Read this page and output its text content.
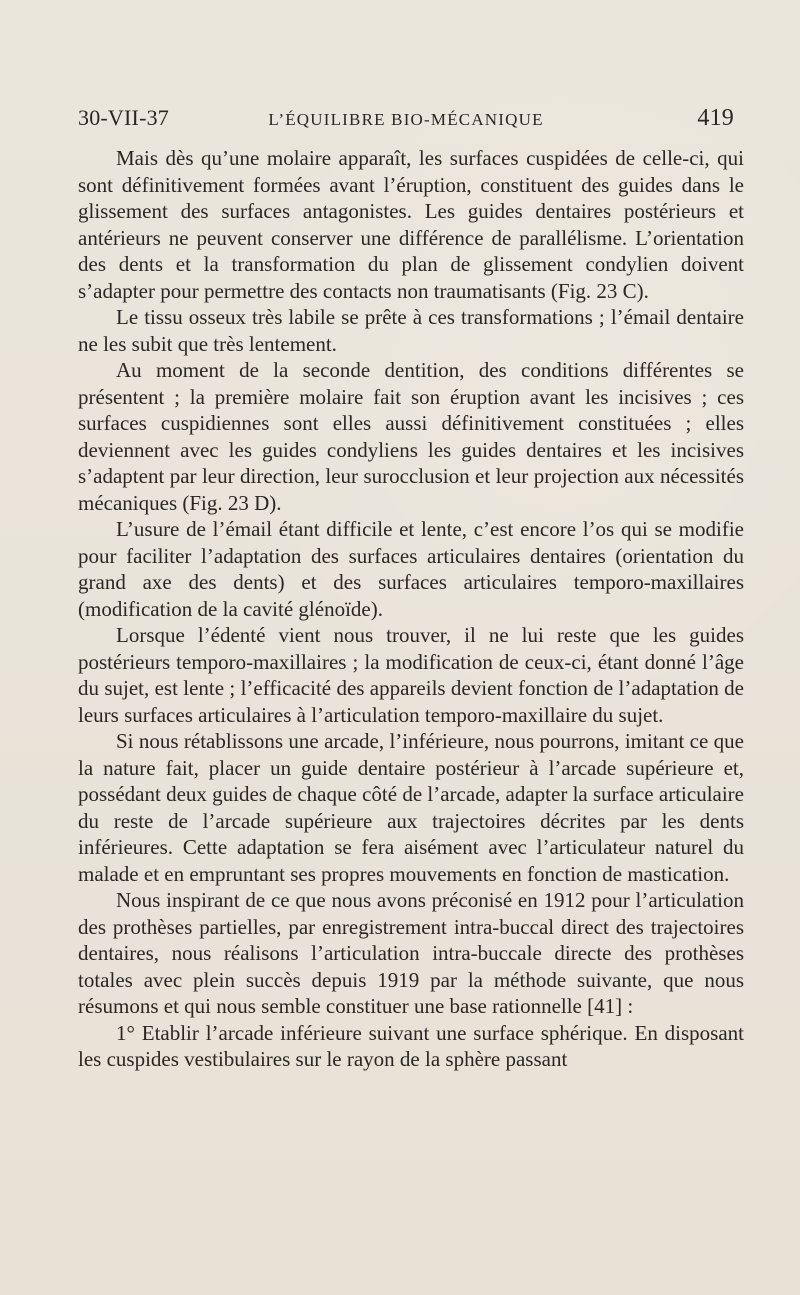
30-VII-37	L’ÉQUILIBRE BIO-MÉCANIQUE	419

Mais dès qu’une molaire apparaît, les surfaces cuspidées de celle-ci, qui sont définitivement formées avant l’éruption, constituent des guides dans le glissement des surfaces antagonistes. Les guides dentaires postérieurs et antérieurs ne peuvent conserver une différence de parallélisme. L’orientation des dents et la transformation du plan de glissement condylien doivent s’adapter pour permettre des contacts non traumatisants (Fig. 23 C).

Le tissu osseux très labile se prête à ces transformations ; l’émail dentaire ne les subit que très lentement.

Au moment de la seconde dentition, des conditions différentes se présentent ; la première molaire fait son éruption avant les incisives ; ces surfaces cuspidiennes sont elles aussi définitivement constituées ; elles deviennent avec les guides condyliens les guides dentaires et les incisives s’adaptent par leur direction, leur surocclusion et leur projection aux nécessités mécaniques (Fig. 23 D).

L’usure de l’émail étant difficile et lente, c’est encore l’os qui se modifie pour faciliter l’adaptation des surfaces articulaires dentaires (orientation du grand axe des dents) et des surfaces articulaires temporo-maxillaires (modification de la cavité glénoïde).

Lorsque l’édenté vient nous trouver, il ne lui reste que les guides postérieurs temporo-maxillaires ; la modification de ceux-ci, étant donné l’âge du sujet, est lente ; l’efficacité des appareils devient fonction de l’adaptation de leurs surfaces articulaires à l’articulation temporo-maxillaire du sujet.

Si nous rétablissons une arcade, l’inférieure, nous pourrons, imitant ce que la nature fait, placer un guide dentaire postérieur à l’arcade supérieure et, possédant deux guides de chaque côté de l’arcade, adapter la surface articulaire du reste de l’arcade supérieure aux trajectoires décrites par les dents inférieures. Cette adaptation se fera aisément avec l’articulateur naturel du malade et en empruntant ses propres mouvements en fonction de mastication.

Nous inspirant de ce que nous avons préconisé en 1912 pour l’articulation des prothèses partielles, par enregistrement intra-buccal direct des trajectoires dentaires, nous réalisons l’articulation intra-buccale directe des prothèses totales avec plein succès depuis 1919 par la méthode suivante, que nous résumons et qui nous semble constituer une base rationnelle [41] :

1° Etablir l’arcade inférieure suivant une surface sphérique. En disposant les cuspides vestibulaires sur le rayon de la sphère passant
